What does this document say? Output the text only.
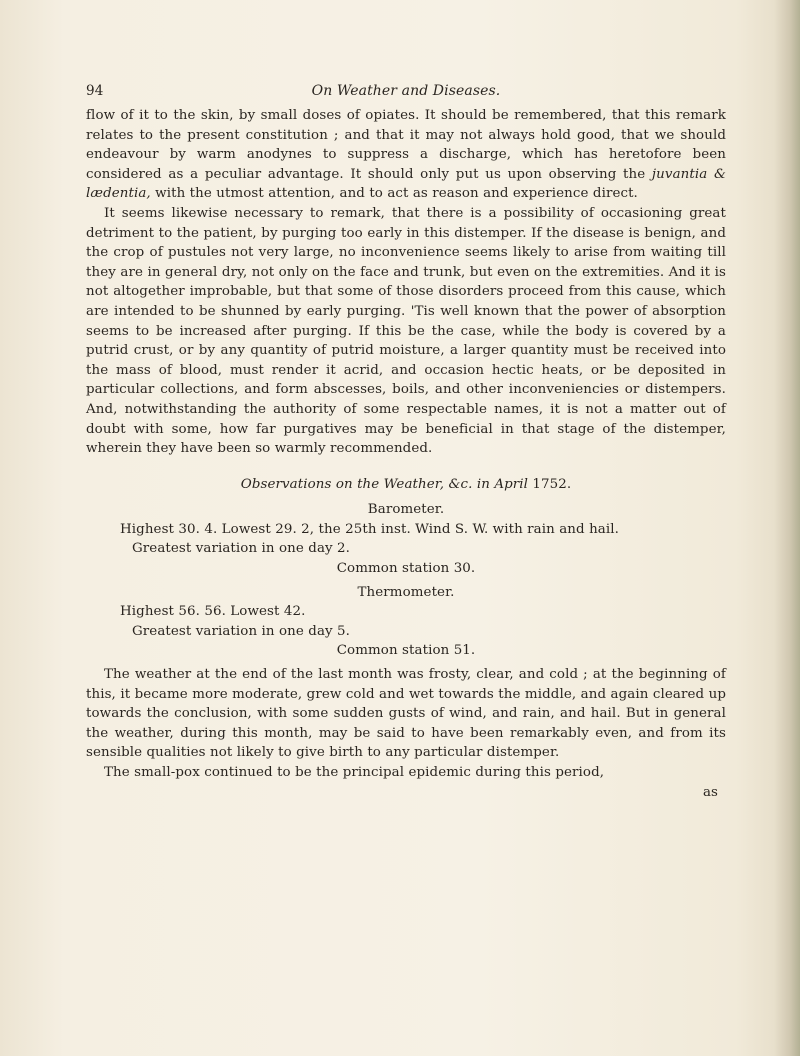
94	On Weather and Diseases.

flow of it to the skin, by small doses of opiates. It should be remembered, that this remark relates to the present constitution ; and that it may not always hold good, that we should endeavour by warm anodynes to suppress a discharge, which has heretofore been considered as a peculiar advantage. It should only put us upon observing the juvantia & lædentia, with the utmost attention, and to act as reason and experience direct.

It seems likewise necessary to remark, that there is a possibility of occasioning great detriment to the patient, by purging too early in this distemper. If the disease is benign, and the crop of pustules not very large, no inconvenience seems likely to arise from waiting till they are in general dry, not only on the face and trunk, but even on the extremities. And it is not altogether improbable, but that some of those disorders proceed from this cause, which are intended to be shunned by early purging. 'Tis well known that the power of absorption seems to be increased after purging. If this be the case, while the body is covered by a putrid crust, or by any quantity of putrid moisture, a larger quantity must be received into the mass of blood, must render it acrid, and occasion hectic heats, or be deposited in particular collections, and form abscesses, boils, and other inconveniencies or distempers. And, notwithstanding the authority of some respectable names, it is not a matter out of doubt with some, how far purgatives may be beneficial in that stage of the distemper, wherein they have been so warmly recommended.

Observations on the Weather, &c. in April 1752.
Barometer.
Highest 30. 4. Lowest 29. 2, the 25th inst. Wind S. W. with rain and hail.
Greatest variation in one day 2.
Common station 30.
Thermometer.
Highest 56. 56. Lowest 42.
Greatest variation in one day 5.
Common station 51.

The weather at the end of the last month was frosty, clear, and cold ; at the beginning of this, it became more moderate, grew cold and wet towards the middle, and again cleared up towards the conclusion, with some sudden gusts of wind, and rain, and hail. But in general the weather, during this month, may be said to have been remarkably even, and from its sensible qualities not likely to give birth to any particular distemper.

The small-pox continued to be the principal epidemic during this period,

as
